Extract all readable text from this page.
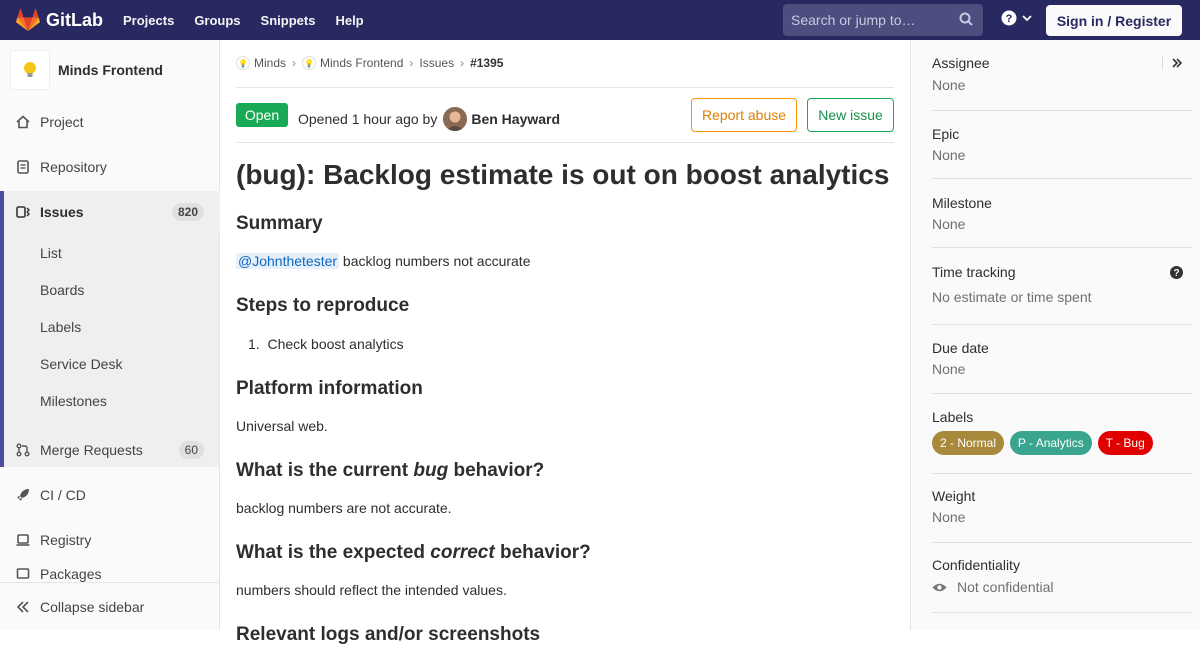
GitLab Projects Groups Snippets Help	Search or jump to…	?	Sign in / Register
Minds Frontend
Project
Repository
Issues	820
List
Boards
Labels
Service Desk
Milestones
Merge Requests	60
CI / CD
Registry
Packages
Collapse sidebar
💡 Minds › 💡 Minds Frontend › Issues › #1395
Open	Opened 1 hour ago by Ben Hayward	Report abuse	New issue
(bug): Backlog estimate is out on boost analytics
Summary
@Johnthetester backlog numbers not accurate
Steps to reproduce
1. Check boost analytics
Platform information
Universal web.
What is the current bug behavior?
backlog numbers are not accurate.
What is the expected correct behavior?
numbers should reflect the intended values.
Relevant logs and/or screenshots
Assignee
None
Epic
None
Milestone
None
Time tracking	?
No estimate or time spent
Due date
None
Labels
2 - Normal P - Analytics T - Bug
Weight
None
Confidentiality
Not confidential
